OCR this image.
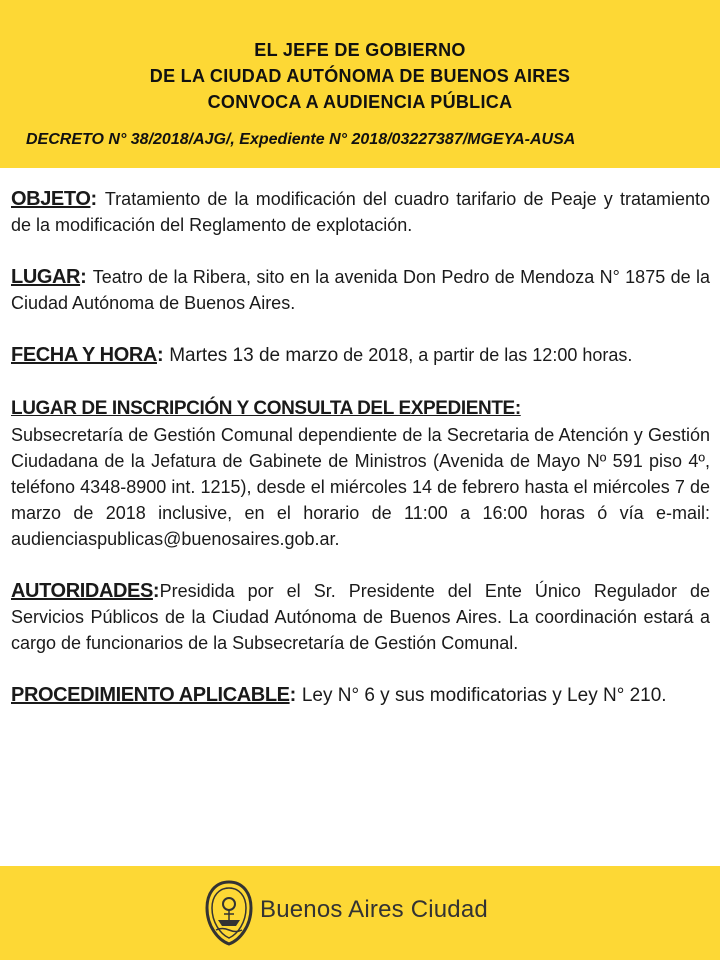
EL JEFE DE GOBIERNO
DE LA CIUDAD AUTÓNOMA DE BUENOS AIRES
CONVOCA A AUDIENCIA PÚBLICA
DECRETO N° 38/2018/AJG/, Expediente N° 2018/03227387/MGEYA-AUSA

OBJETO: Tratamiento de la modificación del cuadro tarifario de Peaje y tratamiento de la modificación del Reglamento de explotación.

LUGAR: Teatro de la Ribera, sito en la avenida Don Pedro de Mendoza N° 1875 de la Ciudad Autónoma de Buenos Aires.

FECHA Y HORA: Martes 13 de marzo de 2018, a partir de las 12:00 horas.

LUGAR DE INSCRIPCIÓN Y CONSULTA DEL EXPEDIENTE:
Subsecretaría de Gestión Comunal dependiente de la Secretaria de Atención y Gestión Ciudadana de la Jefatura de Gabinete de Ministros (Avenida de Mayo Nº 591 piso 4º, teléfono 4348-8900 int. 1215), desde el miércoles 14 de febrero hasta el miércoles 7 de marzo de 2018 inclusive, en el horario de 11:00 a 16:00 horas ó vía e-mail: audienciaspublicas@buenosaires.gob.ar.

AUTORIDADES:Presidida por el Sr. Presidente del Ente Único Regulador de Servicios Públicos de la Ciudad Autónoma de Buenos Aires. La coordinación estará a cargo de funcionarios de la Subsecretaría de Gestión Comunal.

PROCEDIMIENTO APLICABLE: Ley N° 6 y sus modificatorias y Ley N° 210.

Buenos Aires Ciudad
